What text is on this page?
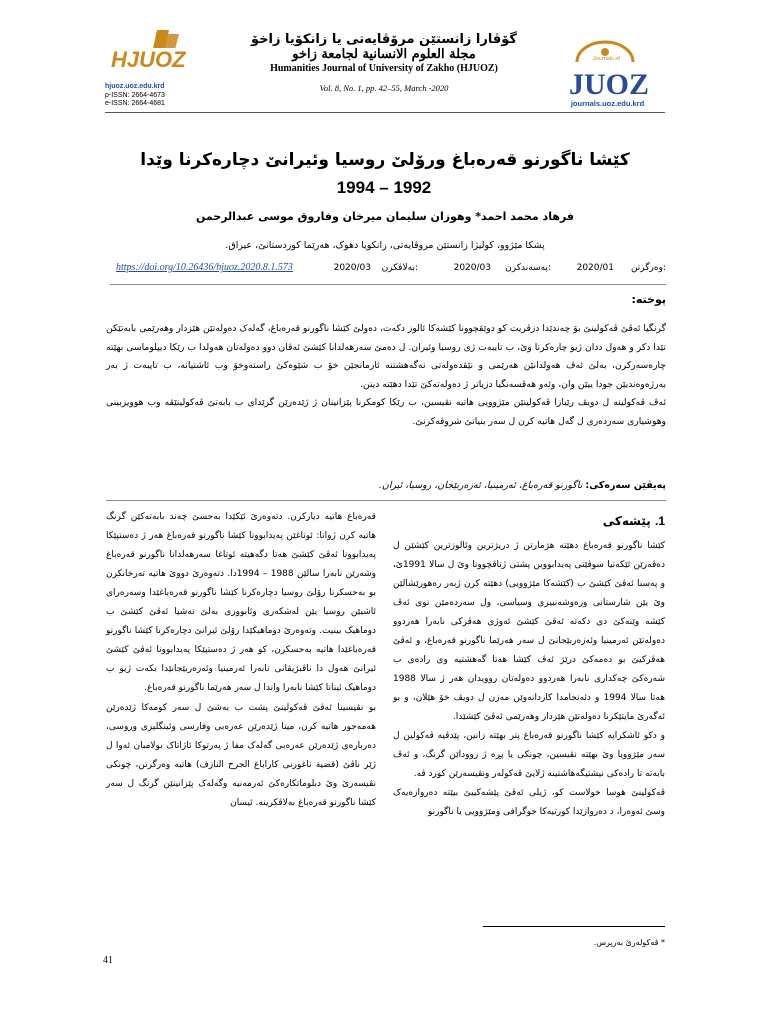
HJUOZ
hjuoz.uoz.edu.krd
p-ISSN: 2664-4673
e-ISSN: 2664-4681
گۆڤارا زانستێن مرۆڤایەتی یا زانكۆیا زاخۆ
مجلة العلوم الانسانية لجامعة زاخو
Humanities Journal of University of Zakho (HJUOZ)
Vol. 8, No. 1, pp. 42–55, March -2020
Journals of
JUOZ
journals.uoz.edu.krd
كێشا ناگورنو قەرەباغ ورۆلێ روسیا وئیرانێ دچارەكرنا وێدا
1994 – 1992
فرهاد محمد احمد* وهوزان سلیمان میرخان وفاروق موسى عبدالرحمن
پشکا مێژوو، کولیژا زانستێن مروڤایەتی، زانکویا دهوک، هەرێما کوردستانێ، عیراق.
وەرگرتن:
2020/01
پەسەندکرن:
2020/03
بەلاڤكرن:
2020/03
https://doi.org/10.26436/hjuoz.2020.8.1.573
پوختە:

گرنگیا ئەڤێ ڤەکولینێ بۆ چەندێدا دزڤریت کو دوێڤچوونا کێشەکا ئالوز دکەت، دەولێ کێشا ناگورنو قەرەباغ، گەلەک دەولەتێن هێزدار وهەرێمی بابەتێکن تێدا دکر و هەول ددان ژیو چارەکرنا وێ، ب تایبەت ژی روسیا وئیران. ل دەمێ سەرهەلدانا کێشێ ئەڤان دوو دەولەتان هەولدا ب رێکا دیپلوماسی بهێتە چارەسەرکرن، بەلێ ئەڤ هەولدانێن هەرێمی و نێڤدەولەتی نەگەهشتنە ئارمانجێن خۆ ب شێوەکێ راستەوخۆ وب ئاشتیانە، ب تایبەت ژ بەر بەرژەوەندیێن جودا ییێن وان، وئەو هەڤسەنگیا دزیاتر ژ دەولەتەکێ تێدا دهێتە دیتن.

ئەڤ ڤەکولینە ل دویڤ رێبازا ڤەکولینێن مێژوویی هاتیە نڤیسین، ب رێکا کومکرنا پێزانینان ژ ژێدەرێن گرێدای ب بابەتێ ڤەکولینێڤە وب هوویربینی وهوشیاری سەردەری ل گەل هاتیە کرن ل سەر بنیاتێ شروڤەکرنێ.

پەیڤێن سەرەکی: ناگورنو قەرەباغ، ئەرمینیا، ئەزەربێجان، روسیا، ئیران.

1. پێشەکی

کێشا ناگورنو قەرەباغ دهێتە هژمارتن ژ دریژترین وئالوزترین کێشێن ل دەڤەرێن ئێکەتیا سوڤێتی پەیدابووین پشتی ژناڤچوونا وێ ل سالا 1991ێ، و پەسنا ئەڤێ کێشێ ب (کێشەکا مێژوویی) دهێتە کرن ژبەر رەهورێشالێن وێ یێن شارستانی ورەوشەنبیری وسیاسی، ول سەردەمێن نوی ئەڤ کێشە وێنەکێ دی دکەتە ئەڤێ کێشێ ئەوژی هەڤرکی نابەرا هەردوو دەولەتێن ئەرمینیا وئەزەربێجانێ ل سەر هەرێما ناگورنو قەرەباغ، و ئەڤێ هەڤرکیێ بو دەمەکێ درێژ ئەڤ کێشا هەتا گەهشتیە وی رادەی ب شەرەکێ چەکداری نابەرا هەردوو دەولەتان روویدان هەر ژ سالا 1988 هەتا سالا 1994 و دئەنجامدا کاردانەوێن مەزن ل دویڤ خۆ هێلان، و بو ئەگەرێ مایتێکرنا دەولەتێن هێزدار وهەرێمی ئەڤێ کێشێدا.

و دکو ئاشکرایە کێشا ناگورنو قەرەباغ پتر بهێتە زانین، پێدڤیە ڤەکولین ل سەر مێژوویا وێ بهێتە نڤیسین، چونکی یا پڕە ژ رووداێن گرنگ، و ئەڤ بابەتە تا رادەکی نیشتیگەهاشتینە ژلایێ ڤەکولەر ونڤیسەرێن کورد ڤە.

ڤەکولینێ هوسا خولاست کو، ژیلی ئەڤێ پێشەکییێ بیێتە دەروازەیەک وسێ ئەوەرا، د دەروازێدا کورتیەکا جوگرافی ومێژوویی یا ناگورنو

قەرەباغ هاتیە دیارکرن. دتەوەرێ ئێکێدا بەحسێ چەند بابەتەکێن گرنگ هاتیە کرن ژوانا: ئوتاغێن پەیدابوونا کێشا ناگورنو قەرەباغ هەر ژ دەستپێکا پەیدابوونا ئەڤێ کێشێ هەتا دگەهیتە ئوتاغا سەرهەلدانا ناگورنو قەرەباغ وشەرێن نابەرا سالێن 1988 – 1994دا. دتەوەرێ دووێ هاتیە تەرخانکرن بو بەحسکرنا رۆلێ روسیا دچارەکرنا کێشا ناگورنو قەرەباغێدا وسەرەرای ئاشیێن روسیا یێن لەشکەری وئابووری بەلێ نەشیا ئەڤێ کێشێ ب دوماهیک بینیت. وتەوەرێ دوماهیکێدا رۆلێ ئیرانێ دچارەکرنا کێشا ناگورنو قەرەباغێدا هاتیە بەحسکرن، کو هەر ژ دەستپێکا پەیدابوونا ئەڤێ کێشێ ئیرانێ هەول دا ناڤبژیڤانی نابەرا ئەرمینیا وئەزەربێجانێدا بکەت ژیو ب دوماهیک ئینانا کێشا نابەرا واندا ل سەر هەرێما ناگورنو قەرەباغ.

بو نڤیسینا ئەڤێ ڤەکولینێ پشت ب بەشێ ل سەر کومەکا ژێدەرێن هەمەجور هاتیە کرن، مینا ژێدەرێن عەرەبی وفارسی وئینگلیزی وروسی، دەربارەی ژێدەرێن عەرەبی گەلەک مفا ژ پەرتوکا ئاژاتاک بولامبان ئەوا ل ژێر ناڤێ (قضیة ناغورنی كاراباغ الجرح النازف) هاتیە وەرگرتن، چونکی نڤیسەرێ وێ دبلوماتکارەکێ ئەرمەنیە وگەلەک پێزانینێن گرنگ ل سەر کێشا ناگورنو قەرەباغ بەلاڤکرینە. ئیسان

* ڤەکولەرێ بەرپرس.
41
